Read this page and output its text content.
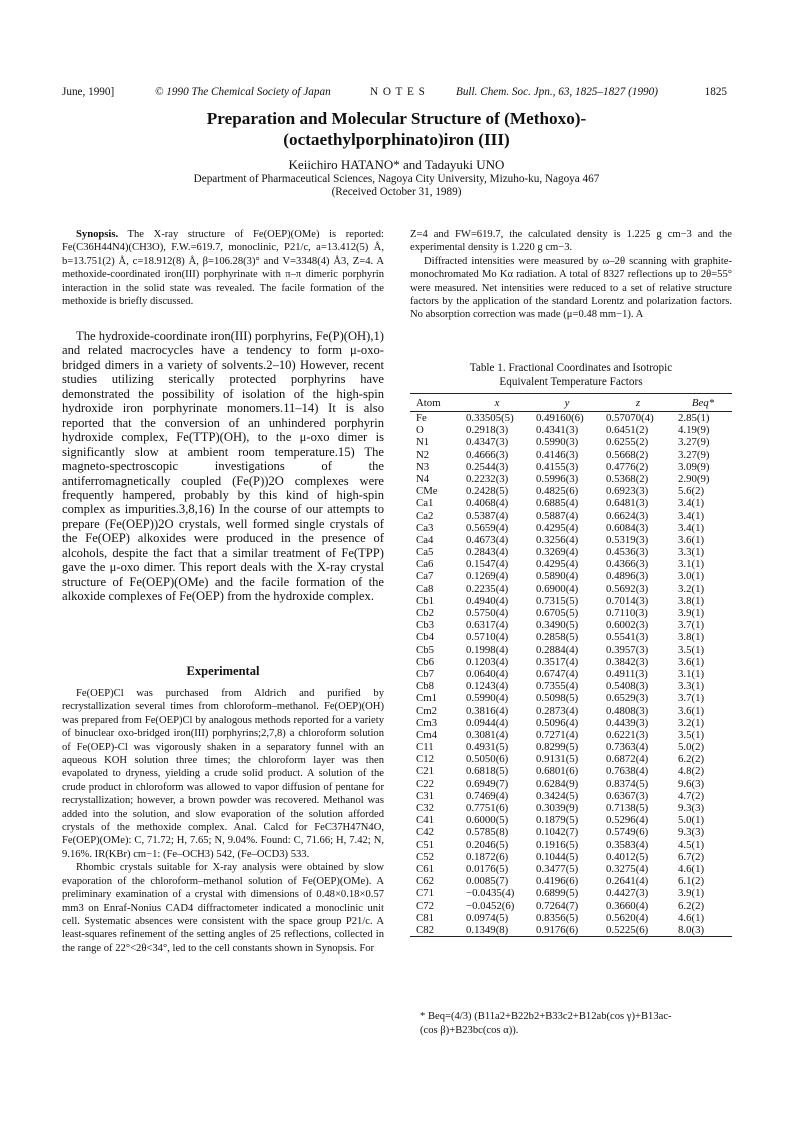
June, 1990]	© 1990 The Chemical Society of Japan	N O T E S	Bull. Chem. Soc. Jpn., 63, 1825–1827 (1990)	1825
Preparation and Molecular Structure of (Methoxo)-
(octaethylporphinato)iron (III)
Keiichiro HATANO* and Tadayuki UNO
Department of Pharmaceutical Sciences, Nagoya City University, Mizuho-ku, Nagoya 467
(Received October 31, 1989)

Synopsis. The X-ray structure of Fe(OEP)(OMe) is reported: Fe(C36H44N4)(CH3O), F.W.=619.7, monoclinic, P21/c, a=13.412(5) Å, b=13.751(2) Å, c=18.912(8) Å, β=106.28(3)° and V=3348(4) Å3, Z=4. A methoxide-coordinated iron(III) porphyrinate with π–π dimeric porphyrin interaction in the solid state was revealed. The facile formation of the methoxide is briefly discussed.

The hydroxide-coordinate iron(III) porphyrins, Fe(P)(OH),1) and related macrocycles have a tendency to form μ-oxo-bridged dimers in a variety of solvents.2–10) However, recent studies utilizing sterically protected porphyrins have demonstrated the possibility of isolation of the high-spin hydroxide iron porphyrinate monomers.11–14) It is also reported that the conversion of an unhindered porphyrin hydroxide complex, Fe(TTP)(OH), to the μ-oxo dimer is significantly slow at ambient room temperature.15) The magneto-spectroscopic investigations of the antiferromagnetically coupled (Fe(P))2O complexes were frequently hampered, probably by this kind of high-spin complex as impurities.3,8,16) In the course of our attempts to prepare (Fe(OEP))2O crystals, well formed single crystals of the Fe(OEP) alkoxides were produced in the presence of alcohols, despite the fact that a similar treatment of Fe(TPP) gave the μ-oxo dimer. This report deals with the X-ray crystal structure of Fe(OEP)(OMe) and the facile formation of the alkoxide complexes of Fe(OEP) from the hydroxide complex.

Experimental

Fe(OEP)Cl was purchased from Aldrich and purified by recrystallization several times from chloroform–methanol. Fe(OEP)(OH) was prepared from Fe(OEP)Cl by analogous methods reported for a variety of binuclear oxo-bridged iron(III) porphyrins;2,7,8) a chloroform solution of Fe(OEP)-Cl was vigorously shaken in a separatory funnel with an aqueous KOH solution three times; the chloroform layer was then evapolated to dryness, yielding a crude solid product. A solution of the crude product in chloroform was allowed to vapor diffusion of pentane for recrystallization; however, a brown powder was recovered. Methanol was added into the solution, and slow evaporation of the solution afforded crystals of the methoxide complex. Anal. Calcd for FeC37H47N4O, Fe(OEP)(OMe): C, 71.72; H, 7.65; N, 9.04%. Found: C, 71.66; H, 7.42; N, 9.16%. IR(KBr) cm−1: (Fe–OCH3) 542, (Fe–OCD3) 533.

Rhombic crystals suitable for X-ray analysis were obtained by slow evaporation of the chloroform–methanol solution of Fe(OEP)(OMe). A preliminary examination of a crystal with dimensions of 0.48×0.18×0.57 mm3 on Enraf-Nonius CAD4 diffractometer indicated a monoclinic unit cell. Systematic absences were consistent with the space group P21/c. A least-squares refinement of the setting angles of 25 reflections, collected in the range of 22°<2θ<34°, led to the cell constants shown in Synopsis. For

Z=4 and FW=619.7, the calculated density is 1.225 g cm−3 and the experimental density is 1.220 g cm−3.

Diffracted intensities were measured by ω–2θ scanning with graphite-monochromated Mo Kα radiation. A total of 8327 reflections up to 2θ=55° were measured. Net intensities were reduced to a set of relative structure factors by the application of the standard Lorentz and polarization factors. No absorption correction was made (μ=0.48 mm−1). A

Table 1. Fractional Coordinates and Isotropic
Equivalent Temperature Factors
Atom	x	y	z	Beq*
Fe	0.33505(5)	0.49160(6)	0.57070(4)	2.85(1)
O	0.2918(3)	0.4341(3)	0.6451(2)	4.19(9)
N1	0.4347(3)	0.5990(3)	0.6255(2)	3.27(9)
N2	0.4666(3)	0.4146(3)	0.5668(2)	3.27(9)
N3	0.2544(3)	0.4155(3)	0.4776(2)	3.09(9)
N4	0.2232(3)	0.5996(3)	0.5368(2)	2.90(9)
CMe	0.2428(5)	0.4825(6)	0.6923(3)	5.6(2)
Ca1	0.4068(4)	0.6885(4)	0.6481(3)	3.4(1)
Ca2	0.5387(4)	0.5887(4)	0.6624(3)	3.4(1)
Ca3	0.5659(4)	0.4295(4)	0.6084(3)	3.4(1)
Ca4	0.4673(4)	0.3256(4)	0.5319(3)	3.6(1)
Ca5	0.2843(4)	0.3269(4)	0.4536(3)	3.3(1)
Ca6	0.1547(4)	0.4295(4)	0.4366(3)	3.1(1)
Ca7	0.1269(4)	0.5890(4)	0.4896(3)	3.0(1)
Ca8	0.2235(4)	0.6900(4)	0.5692(3)	3.2(1)
Cb1	0.4940(4)	0.7315(5)	0.7014(3)	3.8(1)
Cb2	0.5750(4)	0.6705(5)	0.7110(3)	3.9(1)
Cb3	0.6317(4)	0.3490(5)	0.6002(3)	3.7(1)
Cb4	0.5710(4)	0.2858(5)	0.5541(3)	3.8(1)
Cb5	0.1998(4)	0.2884(4)	0.3957(3)	3.5(1)
Cb6	0.1203(4)	0.3517(4)	0.3842(3)	3.6(1)
Cb7	0.0640(4)	0.6747(4)	0.4911(3)	3.1(1)
Cb8	0.1243(4)	0.7355(4)	0.5408(3)	3.3(1)
Cm1	0.5990(4)	0.5098(5)	0.6529(3)	3.7(1)
Cm2	0.3816(4)	0.2873(4)	0.4808(3)	3.6(1)
Cm3	0.0944(4)	0.5096(4)	0.4439(3)	3.2(1)
Cm4	0.3081(4)	0.7271(4)	0.6221(3)	3.5(1)
C11	0.4931(5)	0.8299(5)	0.7363(4)	5.0(2)
C12	0.5050(6)	0.9131(5)	0.6872(4)	6.2(2)
C21	0.6818(5)	0.6801(6)	0.7638(4)	4.8(2)
C22	0.6949(7)	0.6284(9)	0.8374(5)	9.6(3)
C31	0.7469(4)	0.3424(5)	0.6367(3)	4.7(2)
C32	0.7751(6)	0.3039(9)	0.7138(5)	9.3(3)
C41	0.6000(5)	0.1879(5)	0.5296(4)	5.0(1)
C42	0.5785(8)	0.1042(7)	0.5749(6)	9.3(3)
C51	0.2046(5)	0.1916(5)	0.3583(4)	4.5(1)
C52	0.1872(6)	0.1044(5)	0.4012(5)	6.7(2)
C61	0.0176(5)	0.3477(5)	0.3275(4)	4.6(1)
C62	0.0085(7)	0.4196(6)	0.2641(4)	6.1(2)
C71	−0.0435(4)	0.6899(5)	0.4427(3)	3.9(1)
C72	−0.0452(6)	0.7264(7)	0.3660(4)	6.2(2)
C81	0.0974(5)	0.8356(5)	0.5620(4)	4.6(1)
C82	0.1349(8)	0.9176(6)	0.5225(6)	8.0(3)
* Beq=(4/3) (B11a2+B22b2+B33c2+B12ab(cos γ)+B13ac-
(cos β)+B23bc(cos α)).
